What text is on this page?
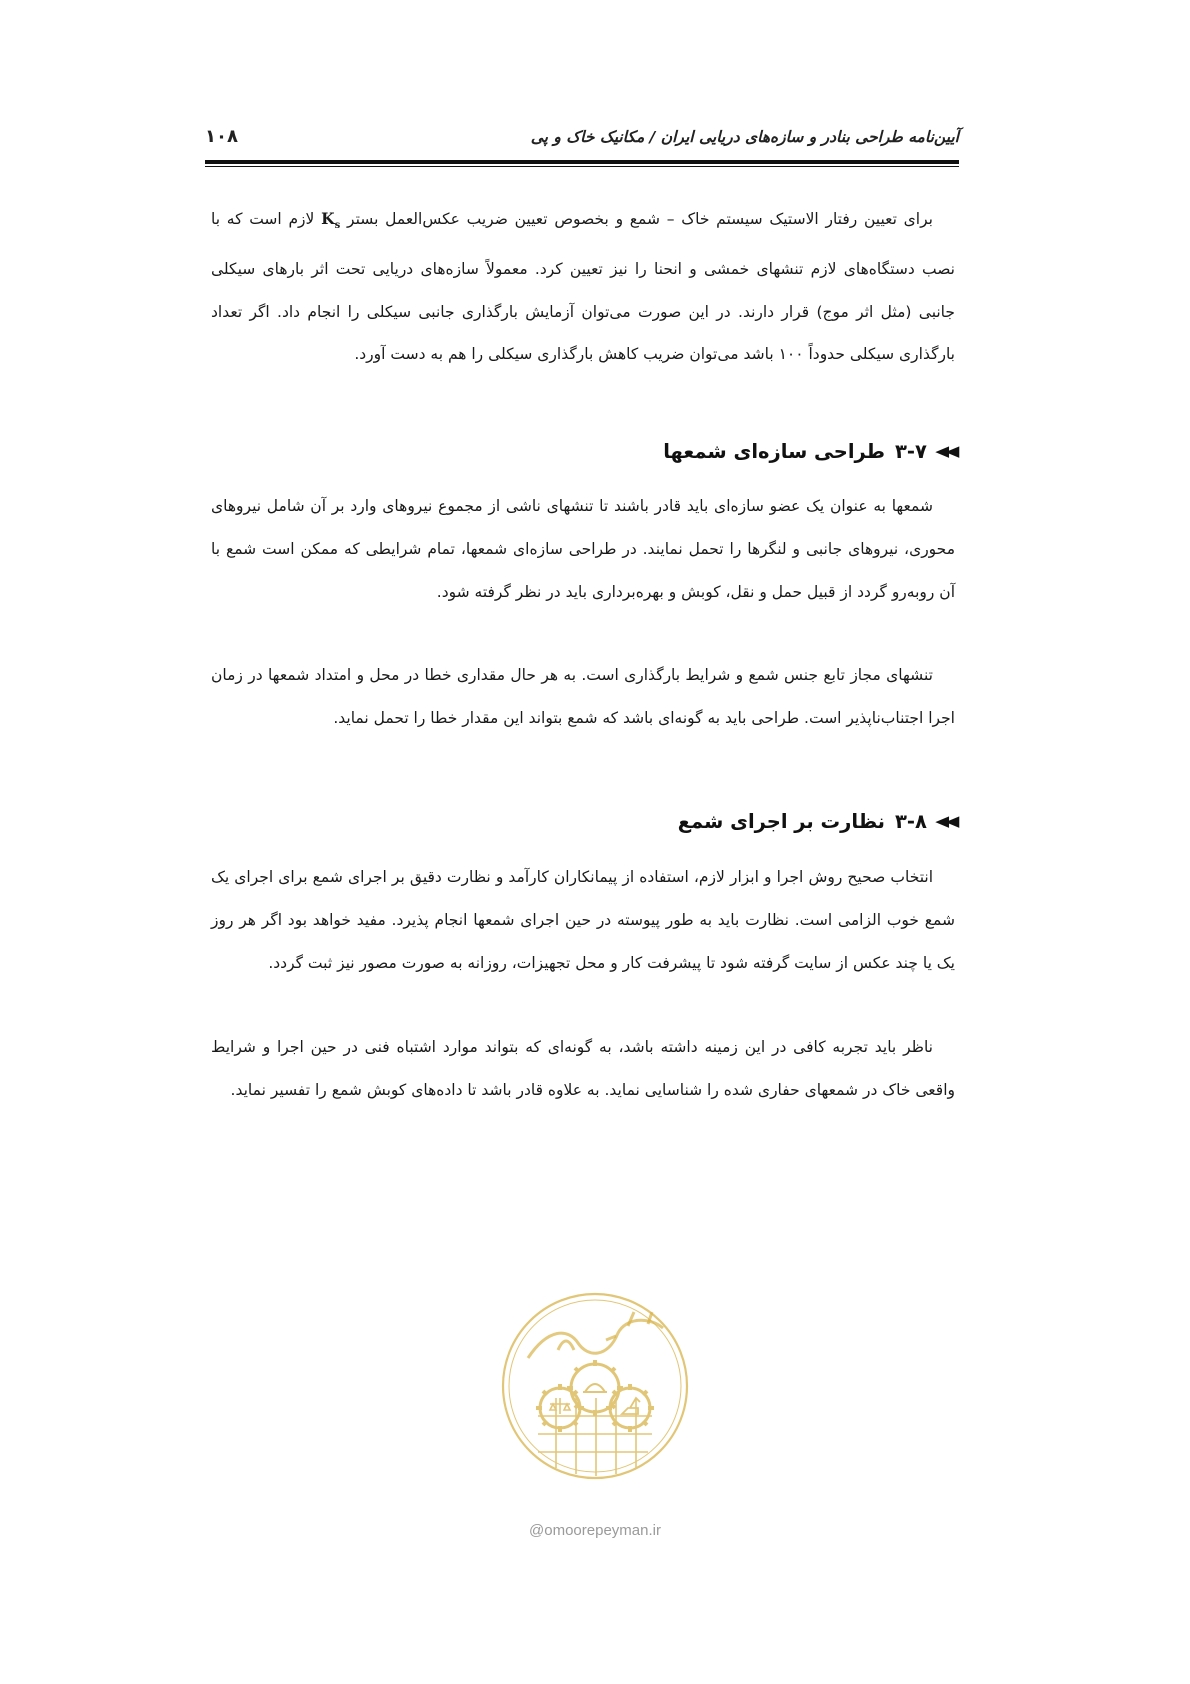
آیین‌نامه طراحی بنادر و سازه‌های دریایی ایران / مکانیک خاک و پی
۱۰۸

برای تعیین رفتار الاستیک سیستم خاک – شمع و بخصوص تعیین ضریب عکس‌العمل بستر $K_s$ لازم است که با نصب دستگاه‌های لازم تنشهای خمشی و انحنا را نیز تعیین کرد. معمولاً سازه‌های دریایی تحت اثر بارهای سیکلی جانبی (مثل اثر موج) قرار دارند. در این صورت می‌توان آزمایش بارگذاری جانبی سیکلی را انجام داد. اگر تعداد بارگذاری سیکلی حدوداً ۱۰۰ باشد می‌توان ضریب کاهش بارگذاری سیکلی را هم به دست آورد.

◀◀
۳-۷
طراحی سازه‌ای شمعها

شمعها به عنوان یک عضو سازه‌ای باید قادر باشند تا تنشهای ناشی از مجموع نیروهای وارد بر آن شامل نیروهای محوری، نیروهای جانبی و لنگرها را تحمل نمایند. در طراحی سازه‌ای شمعها، تمام شرایطی که ممکن است شمع با آن روبه‌رو گردد از قبیل حمل و نقل، کوبش و بهره‌برداری باید در نظر گرفته شود.

تنشهای مجاز تابع جنس شمع و شرایط بارگذاری است. به هر حال مقداری خطا در محل و امتداد شمعها در زمان اجرا اجتناب‌ناپذیر است. طراحی باید به گونه‌ای باشد که شمع بتواند این مقدار خطا را تحمل نماید.

◀◀
۳-۸
نظارت بر اجرای شمع

انتخاب صحیح روش اجرا و ابزار لازم، استفاده از پیمانکاران کارآمد و نظارت دقیق بر اجرای شمع برای اجرای یک شمع خوب الزامی است. نظارت باید به طور پیوسته در حین اجرای شمعها انجام پذیرد. مفید خواهد بود اگر هر روز یک یا چند عکس از سایت گرفته شود تا پیشرفت کار و محل تجهیزات، روزانه به صورت مصور نیز ثبت گردد.

ناظر باید تجربه کافی در این زمینه داشته باشد، به گونه‌ای که بتواند موارد اشتباه فنی در حین اجرا و شرایط واقعی خاک در شمعهای حفاری شده را شناسایی نماید. به علاوه قادر باشد تا داده‌های کوبش شمع را تفسیر نماید.

@omoorepeyman.ir
